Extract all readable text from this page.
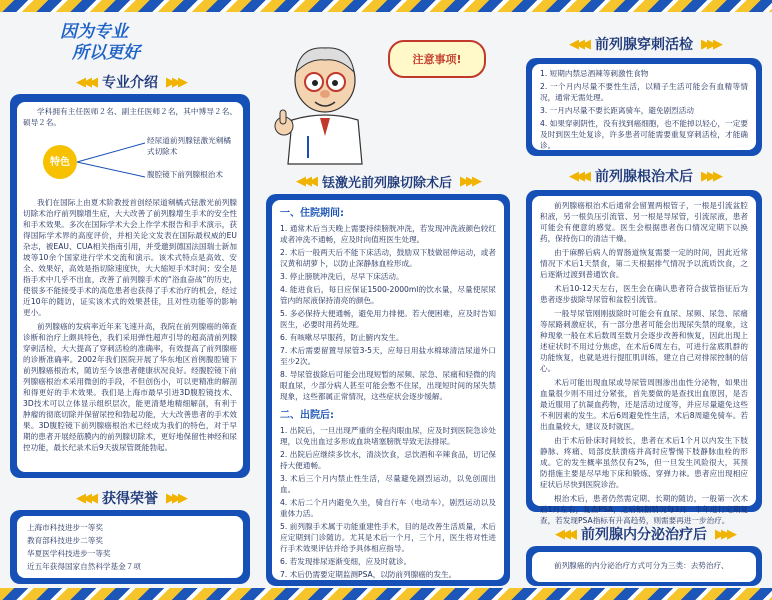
因为专业
所以更好
◀◀◀ 专业介绍 ▶▶▶

学科拥有主任医师２名、副主任医师２名，其中博导２名、硕导２名。

特色
经尿道前列腺铥激光剜橘式切除术
腹腔镜下前列腺根治术

我们在国际上由夏术阶教授首创经尿道剜橘式铥激光前列腺切除术治疗前列腺增生症，大大改善了前列腺增生手术的安全性和手术效果。多次在国际学术大会上作学术报告和手术演示，获得国际学术界的高度评价，并相关论文发表在国际最权威的EU杂志，被EAU、CUA相关指南引用，并受邀到德国法国瑞士新加坡等10余个国家进行学术交流和演示。该术式特点是高效、安全、效果好，高效是指切除速度快，大大缩短手术时间；安全是指手术中几乎不出血，改善了前列腺手术的“浴血奋战”的历史，使很多不能接受手术的高危患者也获得了手术治疗的机会，经过近10年的随访，证实该术式的效果甚佳，且对性功能等的影响更小。

前列腺癌的发病率近年来飞速升高，我院在前列腺癌的筛查诊断和治疗上颇具特色，我们采用弹性超声引导的超高清前列腺穿刺活检，大大提高了穿刺活检的准确率，有效提高了前列腺癌的诊断准确率。2002年我们医院开展了华东地区首例腹腔镜下前列腺癌根治术，随访至今该患者健康状况良好。经腹腔镜下前列腺癌根治术采用微创的手段，不但创伤小，可以更精准的解剖和得更好的手术效果。我们是上海市最早引进3D腹腔镜技术、3D技术可以立体显示组织层次，能更清楚地精细解剖，有利于肿瘤的彻底切除并保留尿控和勃起功能，大大改善患者的手术效果。3D腹腔镜下前列腺癌根治术已经成为我们的特色，对于早期的患者开展经筋膜内的前列腺切除术，更好地保留性神经和尿控功能，最长纪录术后9天拔尿管既能勃起。

◀◀◀ 获得荣誉 ▶▶▶
上海市科技进步一等奖
教育部科技进步二等奖
华夏医学科技进步一等奖
近五年获得国家自然科学基金７项
注意事项!
◀◀◀ 铥激光前列腺切除术后 ▶▶▶
一、住院期间:
1. 通常术后当天晚上需要持续膀胱冲洗，若发现冲洗液颜色较红或者冲洗不通畅，应及时向值班医生处理。
2. 术后一般两天后不能下床活动，鼓励双下肢做屈伸运动，或者汉黄和胡萝卜，以防止深静脉血栓形成。
3. 停止膀胱冲洗后，尽早下床活动。
4. 能进食后，每日应保证1500-2000ml的饮水量，尽量使尿尿管内的尿液保持清亮的颜色。
5. 多必保持大便通畅，避免用力排便。若大便困难，应及时告知医生，必要时用药处理。
6. 有咳嗽尽早服药，防止腑内发生。
7. 术后需要留置导尿管3-5天，应每日用盐水棉球清洁尿道外口至少2次。
8. 导尿管拔除后可能会出现短暂的尿频、尿急、尿痛和轻微的肉眼血尿，少部分病人甚至可能会憋不住尿，出现短时间的尿失禁现象，这些都属正常情况，这些症状会逐步缓解。
二、出院后:
1. 出院后，一旦出现严重的全程肉眼血尿，应及时到医院急诊处理，以免出血过多形成血块堵塞膀胱导致无法排尿。
2. 出院后应继续多饮水，清淡饮食，忌饮酒和辛辣食品，切记保持大便通畅。
3. 术后三个月内禁止性生活，尽量避免剧烈运动，以免创面出血。
4. 术后二个月内避免久坐，骑自行车（电动车），剧烈运动以及重体力活。
5. 前列腺手术属于功能重建性手术，目的是改善生活质量，术后应定期到门诊随访。尤其是术后一个月，三个月，医生将对性进行手术效果评估并给予具体相应指导。
6. 若发现排尿逐渐变细，应及时就诊。
7. 术后仍需要定期监测PSA，以防前列腺癌的发生。
◀◀◀ 前列腺穿刺活检 ▶▶▶
1. 短期内禁忌酒辣等刺激性食物
2. 一个月内尽量不要性生活，以精子生活可能会有血精等情况，通常无需处理。
3. 一月内尽量不要长距离骑车，避免剧烈活动
4. 如果穿刺阴性，没有找到癌细胞，也不能掉以轻心，一定要及时到医生处复诊，许多患者可能需要重复穿刺活检，才能确诊。
◀◀◀ 前列腺根治术后 ▶▶▶

前列腺癌根治术后通常会留置两根管子，一根是引流盆腔积液，另一根负压引流管、另一根是导尿管，引流尿液，患者可能会有便意的感觉。医生会根据患者伤口情况定期下以换药，保持伤口的清洁干燥。

由于麻醉后病人的胃肠道恢复需要一定的时间，因此近常情况下术后1天禁食，第二天根据排气情况予以流质饮食，之后逐渐过渡到普通饮食。

术后10-12天左右，医生会在确认患者符合拔管指征后为患者逐步拔除导尿管和盆腔引流管。

一般导尿管刚刚拔除时可能会有血尿、尿频、尿急、尿痛等尿路刺激症状，有一部分患者可能会出现尿失禁的现象，这种现象一般在术后数周至数月会逐步改善和恢复，因此出现上述症状时不用过分焦虑，在术后6周左右，可进行盆底肌群的功能恢复，也就是进行提肛肌训练，建立自己对排尿控制的信心。

术后可能出现血尿或导尿管周围渗出血性分泌物，如果出血量很少则不用过分紧张，首先要做的是查找出血原因，是否最近服用了抗凝血药物，还是活动过度等，并应尽量避免这些不利因素的发生。术后6周避免性生活，术后8周避免骑车。若出血量较大，建议及时就医。

由于术后卧床时间较长，患者在术后1个月以内发生下肢静脉、疼痛、局部皮肤溃疡并高时应警惕下肢静脉血栓的形成。它的发生概率虽然仅有2%，但一旦发生风险很大，其预防措施主要是尽早地下床和锻炼、穿弹力袜。患者应出现相应症状后尽快到医院诊治。

根治术后，患者仍然需定期、长期的随访，一般第一次术后1月左右，复查PSA，之后根据情况每3月一半年进行定期复查，若发现PSA指标有升高趋势，则需要再进一步治疗。

◀◀◀ 前列腺内分泌治疗后 ▶▶▶

前列腺癌的内分泌治疗方式可分为三类：去势治疗、
